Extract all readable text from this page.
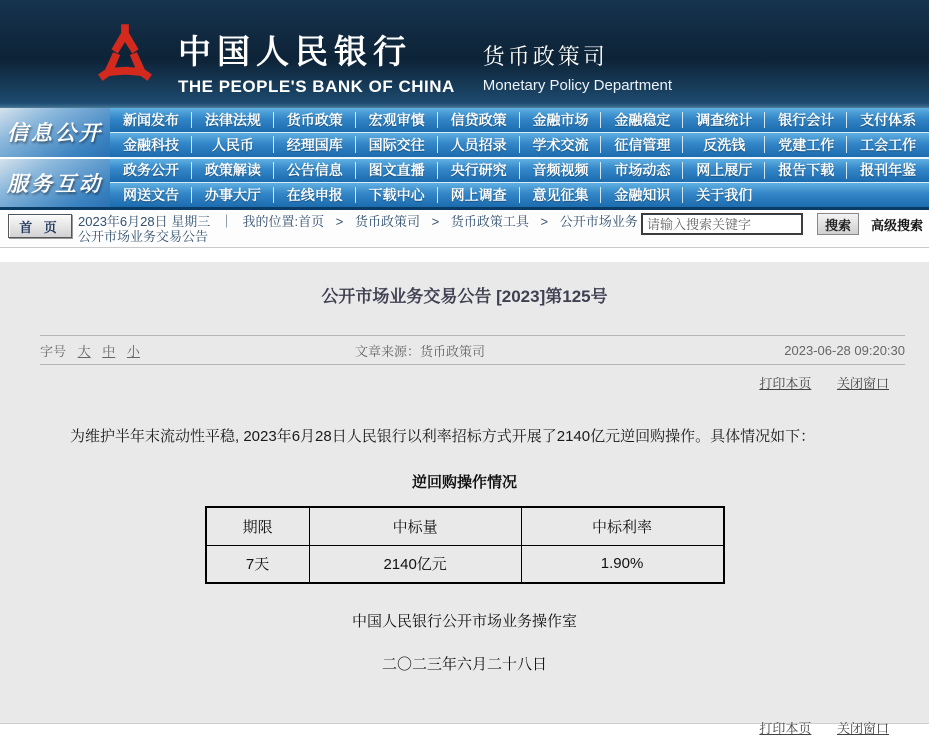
中国人民银行
THE PEOPLE'S BANK OF CHINA
货币政策司
Monetary Policy Department
信息公开
服务互动
新闻发布	法律法规	货币政策	宏观审慎	信贷政策	金融市场	金融稳定	调查统计	银行会计	支付体系
金融科技	人民币	经理国库	国际交往	人员招录	学术交流	征信管理	反洗钱	党建工作	工会工作
政务公开	政策解读	公告信息	图文直播	央行研究	音频视频	市场动态	网上展厅	报告下载	报刊年鉴
网送文告	办事大厅	在线申报	下载中心	网上调查	意见征集	金融知识	关于我们
首 页	2023年6月28日 星期三 ｜ 我的位置:首页 > 货币政策司 > 货币政策工具 > 公开市场业务 公开市场业务交易公告
请输入搜索关键字
搜索	高级搜索
公开市场业务交易公告 [2023]第125号
字号 大 中 小	文章来源：货币政策司	2023-06-28 09:20:30
打印本页 关闭窗口

为维护半年末流动性平稳, 2023年6月28日人民银行以利率招标方式开展了2140亿元逆回购操作。具体情况如下：

逆回购操作情况
期限	中标量	中标利率
7天	2140亿元	1.90%
中国人民银行公开市场业务操作室
二〇二三年六月二十八日
打印本页 关闭窗口
